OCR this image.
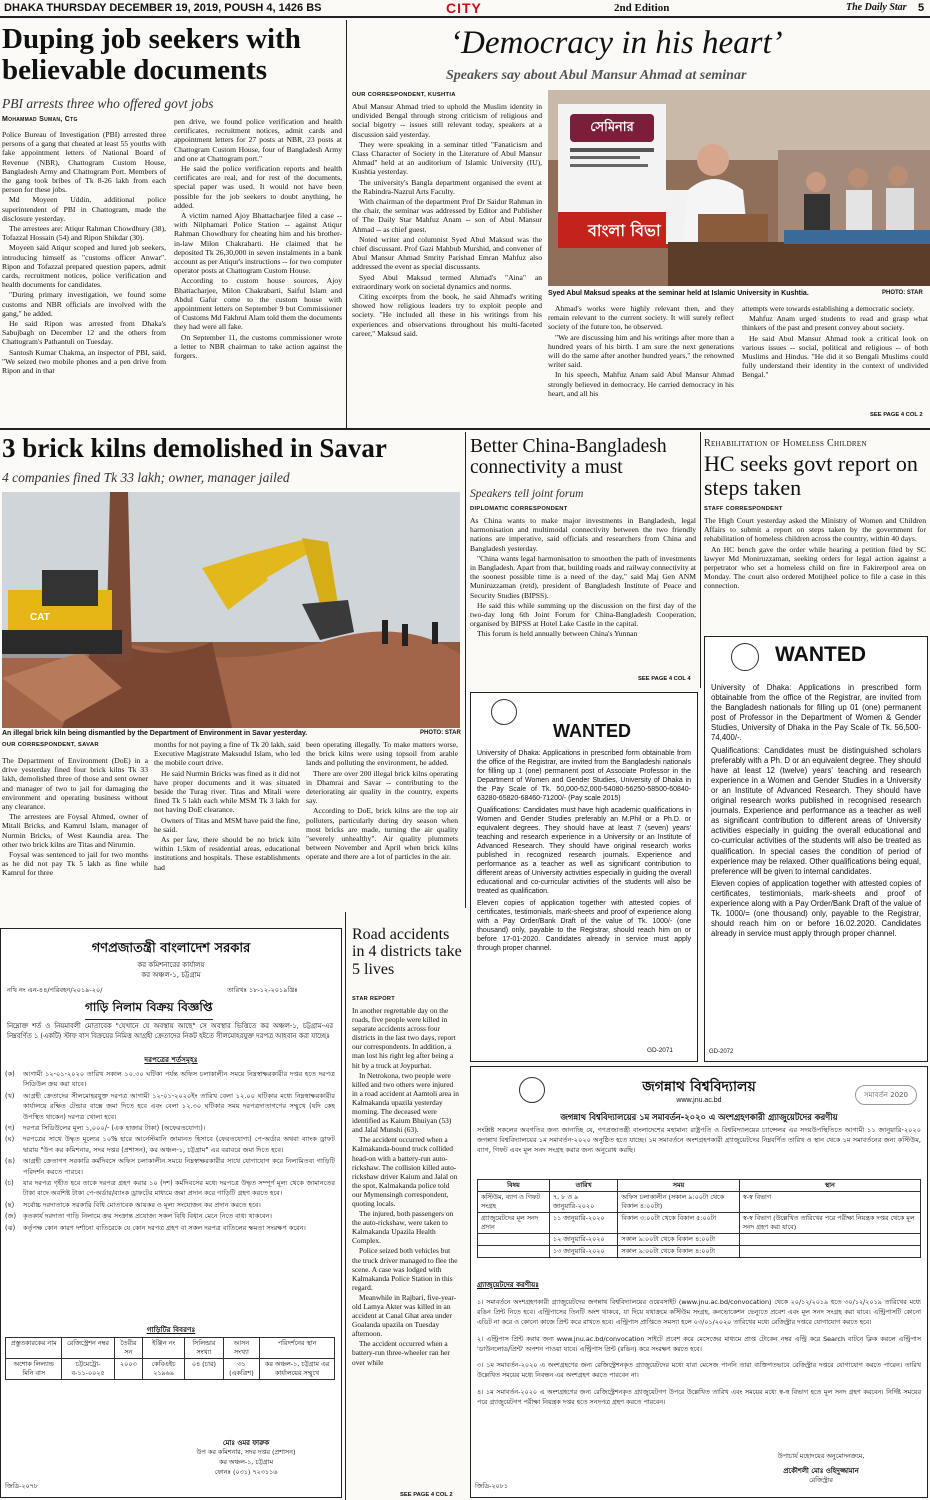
DHAKA THURSDAY DECEMBER 19, 2019, POUSH 4, 1426 BS	CITY	2nd Edition	The Daily Star 5
Duping job seekers with believable documents
PBI arrests three who offered govt jobs
Mohammad Suman, Ctg

Police Bureau of Investigation (PBI) arrested three persons of a gang that cheated at least 55 youths with fake appointment letters of National Board of Revenue (NBR), Chattogram Custom House, Bangladesh Army and Chattogram Port. Members of the gang took bribes of Tk 8-26 lakh from each person for these jobs.

Md Moyeen Uddin, additional police superintendent of PBI in Chattogram, made the disclosure yesterday.

The arrestees are: Atiqur Rahman Chowdhury (38), Tofazzal Hossain (54) and Ripon Shikdar (30).

Moyeen said Atiqur scoped and lured job seekers, introducing himself as "customs officer Anwar". Ripon and Tofazzal prepared question papers, admit cards, recruitment notices, police verification and health documents for candidates.

"During primary investigation, we found some customs and NBR officials are involved with the gang," he added.

He said Ripon was arrested from Dhaka's Sabujbagh on December 12 and the others from Chattogram's Pathantuli on Tuesday.

Santosh Kumar Chakma, an inspector of PBI, said, "We seized two mobile phones and a pen drive from Ripon and in that

pen drive, we found police verification and health certificates, recruitment notices, admit cards and appointment letters for 27 posts at NBR, 23 posts at Chattogram Custom House, four of Bangladesh Army and one at Chattogram port."

He said the police verification reports and health certificates are real, and for rest of the documents, special paper was used. It would not have been possible for the job seekers to doubt anything, he added.

A victim named Ajoy Bhattacharjee filed a case -- with Nilphamari Police Station -- against Atiqur Rahman Chowdhury for cheating him and his brother-in-law Milon Chakrabarti. He claimed that he deposited Tk 26,30,000 in seven instalments in a bank account as per Atiqur's instructions -- for two computer operator posts at Chattogram Custom House.

According to custom house sources, Ajoy Bhattacharjee, Milon Chakrabarti, Saiful Islam and Abdul Gafur come to the custom house with appointment letters on September 9 but Commissioner of Customs Md Fakhrul Alam told them the documents they had were all fake.

On September 11, the customs commissioner wrote a letter to NBR chairman to take action against the forgers.

‘Democracy in his heart’
Speakers say about Abul Mansur Ahmad at seminar
OUR CORRESPONDENT, KUSHTIA

Abul Mansur Ahmad tried to uphold the Muslim identity in undivided Bengal through strong criticism of religious and social bigotry -- issues still relevant today, speakers at a discussion said yesterday.

They were speaking in a seminar titled "Fanaticism and Class Character of Society in the Literature of Abul Mansur Ahmad" held at an auditorium of Islamic University (IU), Kushtia yesterday.

The university's Bangla department organised the event at the Rabindra-Nazrul Arts Faculty.

With chairman of the department Prof Dr Saidur Rahman in the chair, the seminar was addressed by Editor and Publisher of The Daily Star Mahfuz Anam -- son of Abul Mansur Ahmad -- as chief guest.

Noted writer and columnist Syed Abul Maksud was the chief discussant. Prof Gazi Mahbub Murshid, and convener of Abul Mansur Ahmad Smrity Parishad Emran Mahfuz also addressed the event as special discussants.

Syed Abul Maksud termed Ahmad's "Aina" an extraordinary work on societal dynamics and norms.

Citing excerpts from the book, he said Ahmad's writing showed how religious leaders try to exploit people and society. "He included all these in his writings from his experiences and observations throughout his multi-faceted career," Maksud said.

সেমিনার
বাংলা বিভা
Syed Abul Maksud speaks at the seminar held at Islamic University in Kushtia.	PHOTO: STAR

Ahmad's works were highly relevant then, and they remain relevant to the current society. It will surely reflect society of the future too, he observed.

"We are discussing him and his writings after more than a hundred years of his birth. I am sure the next generations will do the same after another hundred years," the renowned writer said.

In his speech, Mahfuz Anam said Abul Mansur Ahmad strongly believed in democracy. He carried democracy in his heart, and all his

attempts were towards establishing a democratic society.

Mahfuz Anam urged students to read and grasp what thinkers of the past and present convey about society.

He said Abul Mansur Ahmad took a critical look on various issues -- social, political and religious -- of both Muslims and Hindus. "He did it so Bengali Muslims could fully understand their identity in the context of undivided Bengal."

SEE PAGE 4 COL 2
3 brick kilns demolished in Savar
4 companies fined Tk 33 lakh; owner, manager jailed
CAT
An illegal brick kiln being dismantled by the Department of Environment in Savar yesterday.	PHOTO: STAR
OUR CORRESPONDENT, SAVAR

The Department of Environment (DoE) in a drive yesterday fined four brick kilns Tk 33 lakh, demolished three of those and sent owner and manager of two to jail for damaging the environment and operating business without any clearance.

The arrestees are Foysal Ahmed, owner of Mitali Bricks, and Kamrul Islam, manager of Nurmin Bricks, of West Kaundia area. The other two brick kilns are Titas and Nirumin.

Foysal was sentenced to jail for two months as he did not pay Tk 5 lakh as fine while Kamrul for three

months for not paying a fine of Tk 20 lakh, said Executive Magistrate Maksudul Islam, who led the mobile court drive.

He said Nurmin Bricks was fined as it did not have proper documents and it was situated beside the Turag river. Titas and Mitali were fined Tk 5 lakh each while MSM Tk 3 lakh for not having DoE clearance.

Owners of Titas and MSM have paid the fine, he said.

As per law, there should be no brick kiln within 1.5km of residential areas, educational institutions and hospitals. These establishments had

been operating illegally. To make matters worse, the brick kilns were using topsoil from arable lands and polluting the environment, he added.

There are over 200 illegal brick kilns operating in Dhamrai and Savar -- contributing to the deteriorating air quality in the country, experts say.

According to DoE, brick kilns are the top air polluters, particularly during dry season when most bricks are made, turning the air quality "severely unhealthy". Air quality plummets between November and April when brick kilns operate and there are a lot of particles in the air.

Better China-Bangladesh connectivity a must
Speakers tell joint forum
DIPLOMATIC CORRESPONDENT

As China wants to make major investments in Bangladesh, legal harmonisation and multimodal connectivity between the two friendly nations are imperative, said officials and researchers from China and Bangladesh yesterday.

"China wants legal harmonisation to smoothen the path of investments in Bangladesh. Apart from that, building roads and railway connectivity at the soonest possible time is a need of the day," said Maj Gen ANM Muniruzzaman (retd), president of Bangladesh Institute of Peace and Security Studies (BIPSS).

He said this while summing up the discussion on the first day of the two-day long 6th Joint Forum for China-Bangladesh Cooperation, organised by BIPSS at Hotel Lake Castle in the capital.

This forum is held annually between China's Yunnan

SEE PAGE 4 COL 4
Rehabilitation of Homeless Children
HC seeks govt report on steps taken
STAFF CORRESPONDENT

The High Court yesterday asked the Ministry of Women and Children Affairs to submit a report on steps taken by the government for rehabilitation of homeless children across the country, within 40 days.

An HC bench gave the order while hearing a petition filed by SC lawyer Md Moniruzzaman, seeking orders for legal action against a perpetrator who set a homeless child on fire in Fakirerpool area on Monday. The court also ordered Motijheel police to file a case in this connection.

WANTED

University of Dhaka: Applications in prescribed form obtainable from the office of the Registrar, are invited from the Bangladesh nationals for filling up 01 (one) permanent post of Professor in the Department of Women & Gender Studies, University of Dhaka in the Pay Scale of Tk. 56,500-74,400/-.

Qualifications: Candidates must be distinguished scholars preferably with a Ph. D or an equivalent degree. They should have at least 12 (twelve) years' teaching and research experience in a Women and Gender Studies in a University or an Institute of Advanced Research. They should have original research works published in recognised research journals. Experience and performance as a teacher as well as significant contribution to different areas of University activities especially in guiding the overall educational and co-curricular activities of the students will also be treated as qualification. In special cases the condition of period of experience may be relaxed. Other qualifications being equal, preference will be given to internal candidates.

Eleven copies of application together with attested copies of certificates, testimonials, mark-sheets and proof of experience along with a Pay Order/Bank Draft of the value of Tk. 1000/= (one thousand) only, payable to the Registrar, should reach him on or before 16.02.2020. Candidates already in service must apply through proper channel.

GD-2072
WANTED

University of Dhaka: Applications in prescribed form obtainable from the office of the Registrar, are invited from the Bangladeshi nationals for filling up 1 (one) permanent post of Associate Professor in the Department of Women and Gender Studies, University of Dhaka in the Pay Scale of Tk. 50,000-52,000-54080-56250-58500-60840-63280-65820-68460-71200/- (Pay scale 2015)

Qualifications: Candidates must have high academic qualifications in Women and Gender Studies preferably an M.Phil or a Ph.D. or equivalent degrees. They should have at least 7 (seven) years' teaching and research experience in a University or an Institute of Advanced Research. They should have original research works published in recognized research journals. Experience and performance as a teacher as well as significant contribution to different areas of University activities especially in guiding the overall educational and co-curricular activities of the students will also be treated as qualification.

Eleven copies of application together with attested copies of certificates, testimonials, mark-sheets and proof of experience along with a Pay Order/Bank Draft of the value of Tk. 1000/- (one thousand) only, payable to the Registrar, should reach him on or before 17-01-2020. Candidates already in service must apply through proper channel.

GD-2071
Road accidents in 4 districts take 5 lives
STAR REPORT

In another regrettable day on the roads, five people were killed in separate accidents across four districts in the last two days, report our correspondents. In addition, a man lost his right leg after being a hit by a truck at Joypurhat.

In Netrokona, two people were killed and two others were injured in a road accident at Aamtoli area in Kalmakanda upazila yesterday morning. The deceased were identified as Kaium Bhuiyan (53) and Jalal Munshi (63).

The accident occurred when a Kalmakanda-bound truck collided head-on with a battery-run auto-rickshaw. The collision killed auto-rickshaw driver Kaium and Jalal on the spot, Kalmakanda police told our Mymensingh correspondent, quoting locals.

The injured, both passengers on the auto-rickshaw, were taken to Kalmakanda Upazila Health Complex.

Police seized both vehicles but the truck driver managed to flee the scene. A case was lodged with Kalmakanda Police Station in this regard.

Meanwhile in Rajbari, five-year-old Lamya Akter was killed in an accident at Canal Ghat area under Goalanda upazila on Tuesday afternoon.

The accident occurred when a battery-run three-wheeler ran her over while

SEE PAGE 4 COL 2
গণপ্রজাতন্ত্রী বাংলাদেশ সরকার
কর কমিশনারের কার্যালয়
কর অঞ্চল-১, চট্টগ্রাম
নথি নং এন-৪৪/পরিবহন/২০১৯-২০/	তারিখঃ ১৮-১২-২০১৯খ্রিঃ
গাড়ি নিলাম বিক্রয় বিজ্ঞপ্তি
নিম্নোক্ত শর্ত ও নিয়মাবলী মোতাবেক "যেখানে যে অবস্থায় আছে" সে অবস্থার ভিত্তিতে কর অঞ্চল-১, চট্টগ্রাম-এর নিম্নবর্ণিত ১ (একটি) স্টাফ বাস বিক্রয়ের নিমিত্ত আগ্রহী ক্রেতাদের নিকট হইতে সীলমোহরযুক্ত দরপত্র আহবান করা যাচ্ছেঃ
দরপত্রের শর্তসমূহঃ
(ক)	আগামী ১২-০১-২০২০ তারিখ সকাল ১০.৩০ ঘটিকা পর্যন্ত অফিস চলাকালীন সময়ে নিম্নস্বাক্ষরকারীর দপ্তর হতে দরপত্র সিডিউল ক্রয় করা যাবে।
(খ)	আগ্রহী ক্রেতাদের সীলমোহরযুক্ত দরপত্র আগামী ১২-০১-২০২০ইং তারিখ বেলা ১২.০০ ঘটিকার মধ্যে নিম্নস্বাক্ষরকারীর কার্যালয়ে রক্ষিত টেন্ডার বাক্সে জমা দিতে হবে এবং বেলা ১২.৩০ ঘটিকার সময় দরপত্রদাতাগণের সম্মুখে (যদি কেহ উপস্থিত থাকেন) দরপত্র খোলা হবে।
(গ)	দরপত্র সিডিউলের মূল্য ১,০০০/- (এক হাজার টাকা) (অফেরতযোগ্য)।
(ঘ)	দরপত্রের সাথে উদ্ধৃত মূল্যের ১০% হারে আর্নেস্টমানি জামানত হিসাবে (ফেরতযোগ্য) পে-অর্ডার অথবা ব্যাংক ড্রাফট দ্বারায় "উপ কর কমিশনার, সদর দপ্তর (প্রশাসন), কর অঞ্চল-১, চট্টগ্রাম" এর বরাবরে জমা দিতে হবে।
(ঙ)	আগ্রহী ক্রেতাগণ সরকারি কর্মদিবসে অফিস চলাকালীন সময়ে নিম্নস্বাক্ষরকারীর সাথে যোগাযোগ করে নিলামিতব্য গাড়িটি পরিদর্শন করতে পারবে।
(চ)	যার দরপত্র গৃহীত হবে তাকে দরপত্র গ্রহণ করার ১০ (দশ) কর্মদিবসের মধ্যে দরপত্রে উদ্ধৃত সম্পূর্ণ মূল্য থেকে জামানতের টাকা বাদে অবশিষ্ট টাকা পে-অর্ডার/ব্যাংক ড্রাফটের মাধ্যমে জমা প্রদান করে গাড়িটি গ্রহণ করতে হবে।
(ছ)	সর্বোচ্চ দরদাতাকে সরকারি বিধি মোতাবেক আয়কর ও মূল্য সংযোজন কর প্রদান করতে হবে।
(জ)	কৃতকার্য দরদাতা গাড়ি নিলামে ক্রয় সংক্রান্ত প্রযোজ্য সকল বিধি বিধান মেনে নিতে বাধ্য থাকবেন।
(ঝ)	কর্তৃপক্ষ কোন কারণ দর্শানো ব্যতিরেকে যে কোন দরপত্র গ্রহণ বা সকল দরপত্র বাতিলের ক্ষমতা সংরক্ষণ করেন।
গাড়িটির বিবরণঃ
প্রস্তুতকারকের নাম	রেজিস্ট্রেশন নম্বর	তৈরীর সন	ইঞ্জিন নং	সিলিন্ডার সংখ্যা	আসন সংখ্যা	পরিদর্শনের স্থান
অশোক লিল্যান্ড মিনি বাস	চট্টমেট্রো-ব-১১-০০২৫	২০০৩	কেবিএইচ ২১৯৬৯	০৪ (চার)	৩১ (একত্রিশ)	কর অঞ্চল-১, চট্টগ্রাম এর কার্যালয়ের সম্মুখে
মোঃ ওমর ফারুক
উপ কর কমিশনার, সদর দপ্তর (প্রশাসন)
কর অঞ্চল-১, চট্টগ্রাম
ফোনঃ (০৩১) ৭২৩১১৬
জিডি-২০৭৮
জগন্নাথ বিশ্ববিদ্যালয়
www.jnu.ac.bd
সমাবর্তন 2020
জগন্নাথ বিশ্ববিদ্যালয়ের ১ম সমাবর্তন-২০২০ এ অংশগ্রহণকারী গ্র্যাজুয়েটদের করণীয়
সংশ্লিষ্ট সকলের অবগতির জন্য জানাচ্ছি যে, গণপ্রজাতন্ত্রী বাংলাদেশের মহামান্য রাষ্ট্রপতি ও বিশ্ববিদ্যালয়ের চ্যান্সেলর এর সদয়উপস্থিতিতে আগামী ১১ জানুয়ারি-২০২০ জগন্নাথ বিশ্ববিদ্যালয়ের ১ম সমাবর্তন-২০২০ অনুষ্ঠিত হতে যাচ্ছে। ১ম সমাবর্তনে অংশগ্রহণকারী গ্র্যাজুয়েটদের নিম্নবর্ণিত তারিখ ও স্থান থেকে ১ম সমাবর্তনের জন্য কস্টিউম, ব্যাগ, গিফট এবং মূল সনদ সংগ্রহ করার জন্য অনুরোধ করছি।
বিষয়	তারিখ	সময়	স্থান
কস্টিউম, ব্যাগ ও গিফট সংগ্রহ	৭, ৮ ও ৯ জানুয়ারি-২০২০	অফিস চলাকালীন (সকাল ৯:০০টা থেকে বিকাল ৪:০০টা)	স্ব-স্ব বিভাগ
গ্র্যাজুয়েটদের মূল সনদ প্রদান	১১ জানুয়ারি-২০২০	বিকাল ৩:০০টা থেকে বিকাল ৫:০০টা	স্ব-স্ব বিভাগ (উল্লেখিত তারিখের পরে পরীক্ষা নিয়ন্ত্রক দপ্তর থেকে মূল সনদ গ্রহণ করা যাবে)
	১২ জানুয়ারি-২০২০	সকাল ৯:০০টা থেকে বিকাল ৪:০০টা	
	১৩ জানুয়ারি-২০২০	সকাল ৯:০০টা থেকে বিকাল ৪:০০টা	
গ্র্যাজুয়েটদের করণীয়ঃ

১। সমাবর্তনে অংশগ্রহণকারী গ্র্যাজুয়েটদের জগন্নাথ বিশ্ববিদ্যালয়ের ওয়েবসাইট (www.jnu.ac.bd/convocation) থেকে ২০/১২/২০১৯ হতে ৩০/১২/২০১৯ তারিখের মধ্যে রঙিন প্রিন্ট নিতে হবে। এন্ট্রিপাসের তিনটি অংশ থাকবে, যা দিয়ে যথাক্রমে কস্টিউম সংগ্রহ, কনভোকেশন ভেন্যুতে প্রবেশ এবং মূল সনদ সংগ্রহ করা যাবে। এন্ট্রিপাসটি কোনো এডিট না করে ও কোনো কাজে প্রিন্ট করে রাখতে হবে। এন্ট্রিপাস প্রাপ্তিতে সমস্যা হলে ০৩/০১/২০২০ তারিখের মধ্যে রেজিস্ট্রার দপ্তরে যোগাযোগ করতে হবে।

২। এন্ট্রিপাস প্রিন্ট করার জন্য www.jnu.ac.bd/convocation সাইটে প্রবেশ করে মেসেজের মাধ্যমে প্রাপ্ত টোকেন নম্বর এন্ট্রি করে Search বাটনে ক্লিক করলে এন্ট্রিপাস 'ডাউনলোড/প্রিন্ট' অপশন পাওয়া যাবে। এন্ট্রিপাস প্রিন্ট (রঙিন) করে সংরক্ষণ করতে হবে।

৩। ১ম সমাবর্তন-২০২০ এ অংশগ্রহণের জন্য রেজিস্ট্রেশনকৃত গ্র্যাজুয়েটদের মধ্যে যারা মেসেজ পাননি তারা ব্যক্তিগতভাবে রেজিস্ট্রার দপ্তরে যোগাযোগ করতে পারেন। তারিখ উল্লেখিত সময়ের মধ্যে নিবন্ধন এর অংশগ্রহণ করতে পারবেন না।

৪। ১ম সমাবর্তন-২০২০ এ অংশগ্রহণের জন্য রেজিস্ট্রেশনকৃত গ্র্যাজুয়েটগণ উপরে উল্লেখিত তারিখ এবং সময়ের মধ্যে স্ব-স্ব বিভাগ হতে মূল সনদ গ্রহণ করবেন। নির্দিষ্ট সময়ের পরে গ্র্যাজুয়েটগণ পরীক্ষা নিয়ন্ত্রক দপ্তর হতে সনদপত্র গ্রহণ করতে পারবেন।

উপাচার্য মহোদয়ের অনুমোদনক্রমে,
প্রকৌশলী মোঃ ওহিদুজ্জামান
রেজিস্ট্রার
জিডি-২০৮১
